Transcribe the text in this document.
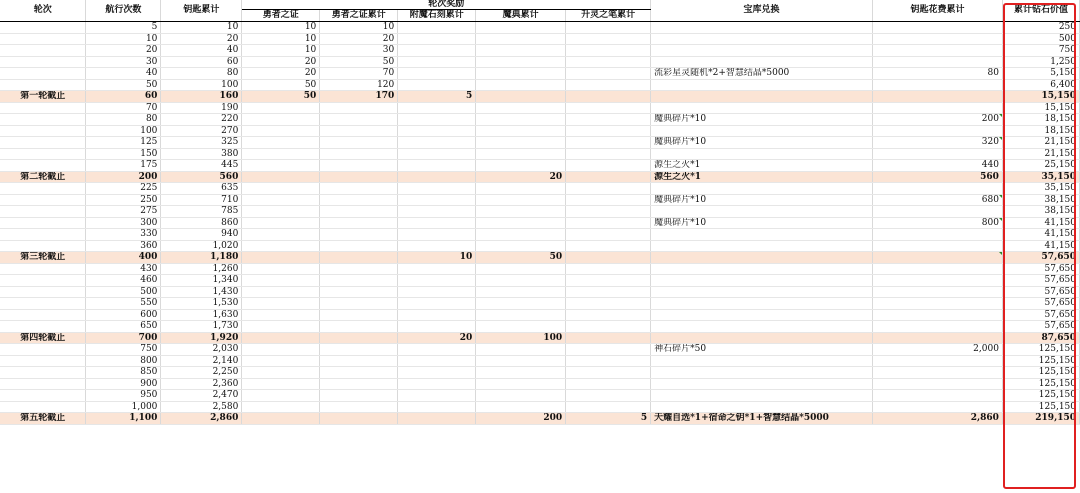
轮次	航行次数	钥匙累计	轮次奖励					宝库兑换	钥匙花费累计	累计钻石价值
			勇者之证	勇者之证累计	附魔石刻累计	魔典累计	升灵之笔累计			
	5	10	10	10						250
	10	20	10	20						500
	20	40	10	30						750
	30	60	20	50						1,250
	40	80	20	70				流彩星灵随机*2+智慧结晶*5000	80	5,150
	50	100	50	120						6,400
第一轮截止	60	160	50	170	5					15,150
	70	190								15,150
	80	220						魔典碎片*10	200	18,150
	100	270								18,150
	125	325						魔典碎片*10	320	21,150
	150	380								21,150
	175	445						源生之火*1	440	25,150
第二轮截止	200	560				20		源生之火*1	560	35,150
	225	635								35,150
	250	710						魔典碎片*10	680	38,150
	275	785								38,150
	300	860						魔典碎片*10	800	41,150
	330	940								41,150
	360	1,020								41,150
第三轮截止	400	1,180			10	50				57,650
	430	1,260								57,650
	460	1,340								57,650
	500	1,430								57,650
	550	1,530								57,650
	600	1,630								57,650
	650	1,730								57,650
第四轮截止	700	1,920			20	100				87,650
	750	2,030						神石碎片*50	2,000	125,150
	800	2,140								125,150
	850	2,250								125,150
	900	2,360								125,150
	950	2,470								125,150
	1,000	2,580								125,150
第五轮截止	1,100	2,860				200	5	天耀自选*1+宿命之钥*1+智慧结晶*5000	2,860	219,150
